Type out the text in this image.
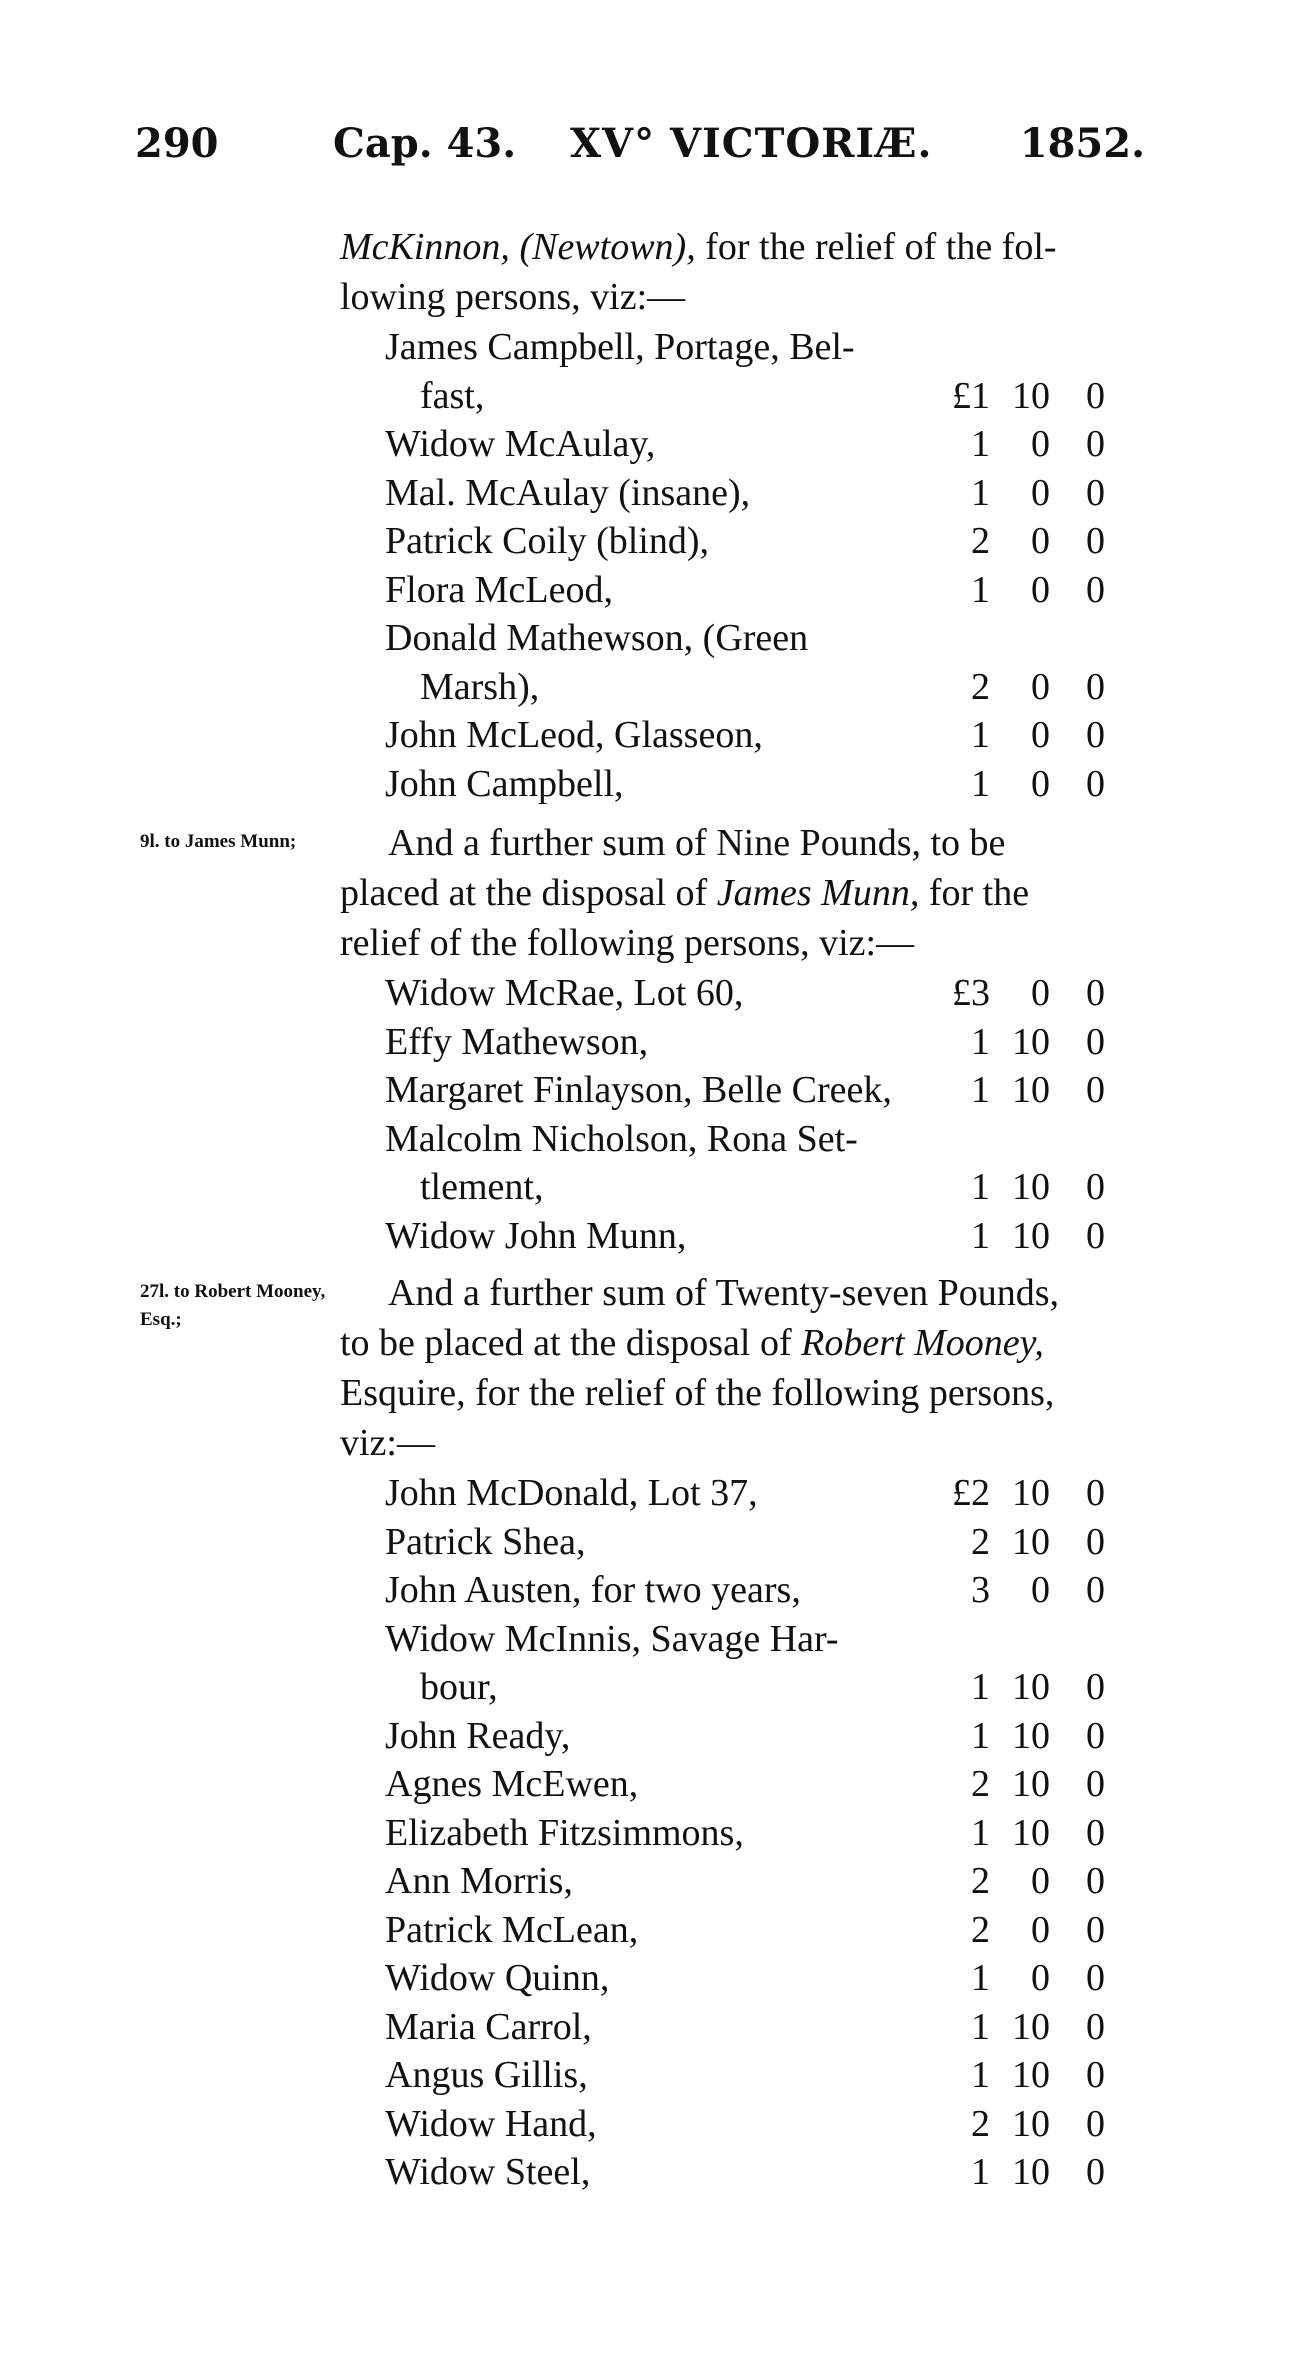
290	Cap. 43. XV° VICTORIÆ. 1852.
McKinnon, (Newtown), for the relief of the fol-
lowing persons, viz:—
James Campbell, Portage, Bel-
fast,	£1 10 0
Widow McAulay,	1	0 0
Mal. McAulay (insane),	1	0 0
Patrick Coily (blind),	2	0 0
Flora McLeod,	1	0 0
Donald Mathewson, (Green
Marsh),	2	0 0
John McLeod, Glasseon,	1	0 0
John Campbell,	1	0 0
9l. to James Munn;	And a further sum of Nine Pounds, to be
placed at the disposal of James Munn, for the
relief of the following persons, viz:—
Widow McRae, Lot 60,	£3	0 0
Effy Mathewson,	1 10 0
Margaret Finlayson, Belle Creek,	1 10 0
Malcolm Nicholson, Rona Set-
tlement,	1 10 0
Widow John Munn,	1 10 0
27l. to Robert Mooney, Esq.;
And a further sum of Twenty-seven Pounds,
to be placed at the disposal of Robert Mooney,
Esquire, for the relief of the following persons,
viz:—
John McDonald, Lot 37,	£2 10 0
Patrick Shea,	2 10 0
John Austen, for two years,	3	0 0
Widow McInnis, Savage Har-
bour,	1 10 0
John Ready,	1 10 0
Agnes McEwen,	2 10 0
Elizabeth Fitzsimmons,	1 10 0
Ann Morris,	2	0 0
Patrick McLean,	2	0 0
Widow Quinn,	1	0 0
Maria Carrol,	1 10 0
Angus Gillis,	1 10 0
Widow Hand,	2 10 0
Widow Steel,	1 10 0
